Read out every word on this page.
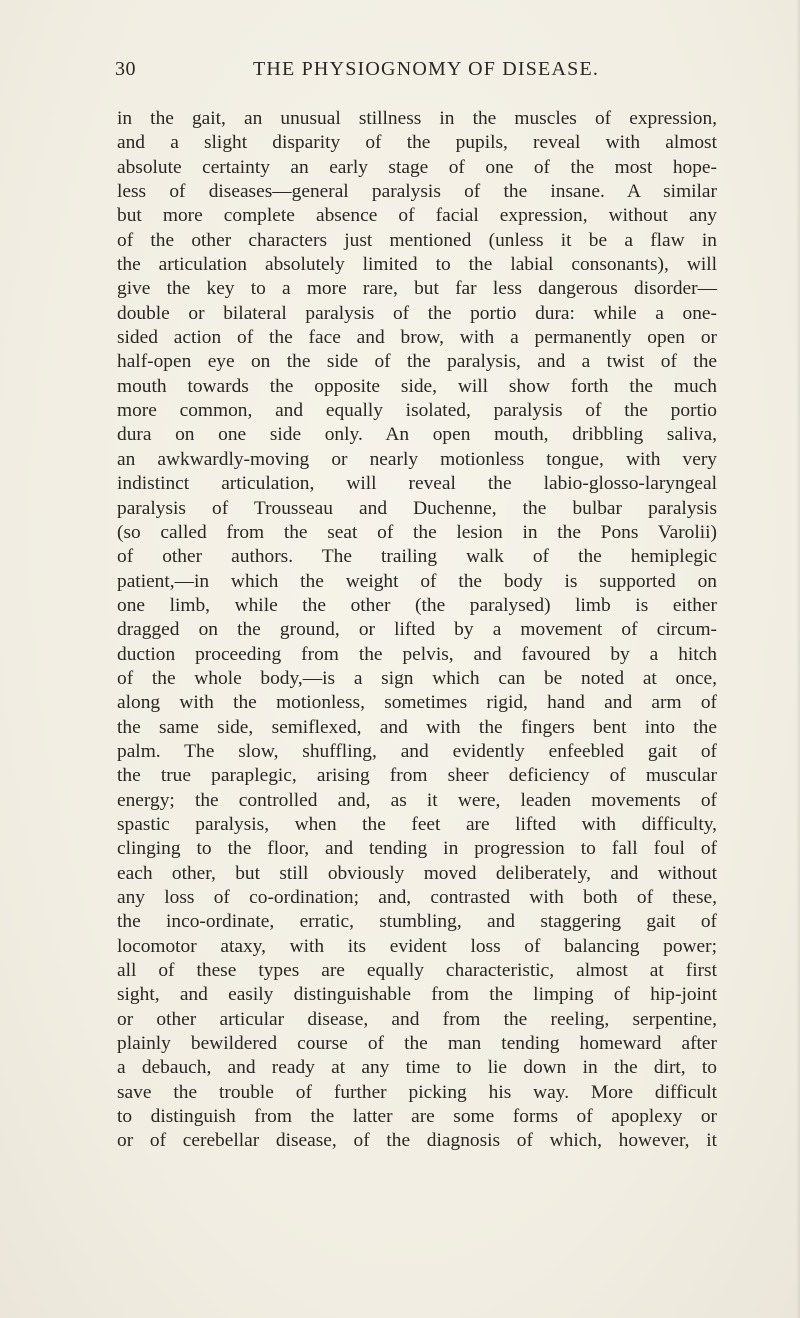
30	THE PHYSIOGNOMY OF DISEASE.
in the gait, an unusual stillness in the muscles of expression,
and a slight disparity of the pupils, reveal with almost
absolute certainty an early stage of one of the most hope-
less of diseases—general paralysis of the insane. A similar
but more complete absence of facial expression, without any
of the other characters just mentioned (unless it be a flaw in
the articulation absolutely limited to the labial consonants), will
give the key to a more rare, but far less dangerous disorder—
double or bilateral paralysis of the portio dura: while a one-
sided action of the face and brow, with a permanently open or
half-open eye on the side of the paralysis, and a twist of the
mouth towards the opposite side, will show forth the much
more common, and equally isolated, paralysis of the portio
dura on one side only. An open mouth, dribbling saliva,
an awkwardly-moving or nearly motionless tongue, with very
indistinct articulation, will reveal the labio-glosso-laryngeal
paralysis of Trousseau and Duchenne, the bulbar paralysis
(so called from the seat of the lesion in the Pons Varolii)
of other authors. The trailing walk of the hemiplegic
patient,—in which the weight of the body is supported on
one limb, while the other (the paralysed) limb is either
dragged on the ground, or lifted by a movement of circum-
duction proceeding from the pelvis, and favoured by a hitch
of the whole body,—is a sign which can be noted at once,
along with the motionless, sometimes rigid, hand and arm of
the same side, semiflexed, and with the fingers bent into the
palm. The slow, shuffling, and evidently enfeebled gait of
the true paraplegic, arising from sheer deficiency of muscular
energy; the controlled and, as it were, leaden movements of
spastic paralysis, when the feet are lifted with difficulty,
clinging to the floor, and tending in progression to fall foul of
each other, but still obviously moved deliberately, and without
any loss of co-ordination; and, contrasted with both of these,
the inco-ordinate, erratic, stumbling, and staggering gait of
locomotor ataxy, with its evident loss of balancing power;
all of these types are equally characteristic, almost at first
sight, and easily distinguishable from the limping of hip-joint
or other articular disease, and from the reeling, serpentine,
plainly bewildered course of the man tending homeward after
a debauch, and ready at any time to lie down in the dirt, to
save the trouble of further picking his way. More difficult
to distinguish from the latter are some forms of apoplexy or
or of cerebellar disease, of the diagnosis of which, however, it
